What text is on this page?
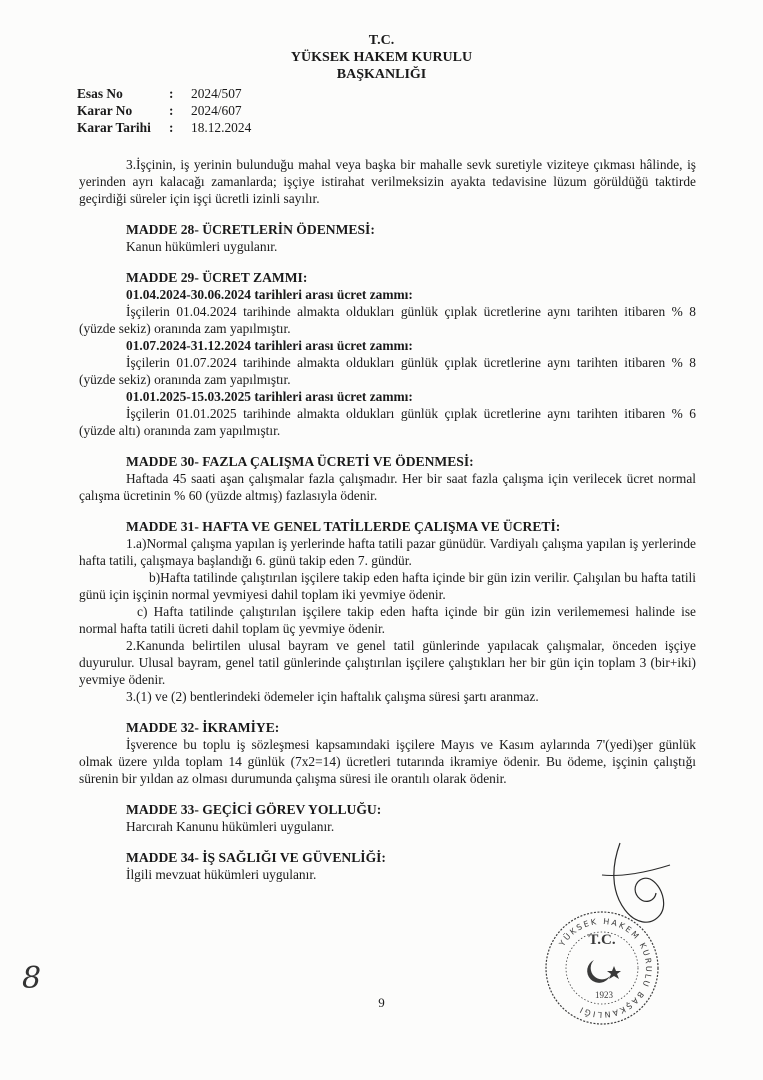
T.C.
YÜKSEK HAKEM KURULU
BAŞKANLIĞI
Esas No	:	2024/507
Karar No	:	2024/607
Karar Tarihi	:	18.12.2024

3.İşçinin, iş yerinin bulunduğu mahal veya başka bir mahalle sevk suretiyle viziteye çıkması hâlinde, iş yerinden ayrı kalacağı zamanlarda; işçiye istirahat verilmeksizin ayakta tedavisine lüzum görüldüğü taktirde geçirdiği süreler için işçi ücretli izinli sayılır.

MADDE 28- ÜCRETLERİN ÖDENMESİ:

Kanun hükümleri uygulanır.

MADDE 29- ÜCRET ZAMMI:
01.04.2024-30.06.2024 tarihleri arası ücret zammı:

İşçilerin 01.04.2024 tarihinde almakta oldukları günlük çıplak ücretlerine aynı tarihten itibaren % 8 (yüzde sekiz) oranında zam yapılmıştır.

01.07.2024-31.12.2024 tarihleri arası ücret zammı:

İşçilerin 01.07.2024 tarihinde almakta oldukları günlük çıplak ücretlerine aynı tarihten itibaren % 8 (yüzde sekiz) oranında zam yapılmıştır.

01.01.2025-15.03.2025 tarihleri arası ücret zammı:

İşçilerin 01.01.2025 tarihinde almakta oldukları günlük çıplak ücretlerine aynı tarihten itibaren % 6 (yüzde altı) oranında zam yapılmıştır.

MADDE 30- FAZLA ÇALIŞMA ÜCRETİ VE ÖDENMESİ:

Haftada 45 saati aşan çalışmalar fazla çalışmadır. Her bir saat fazla çalışma için verilecek ücret normal çalışma ücretinin % 60 (yüzde altmış) fazlasıyla ödenir.

MADDE 31- HAFTA VE GENEL TATİLLERDE ÇALIŞMA VE ÜCRETİ:

1.a)Normal çalışma yapılan iş yerlerinde hafta tatili pazar günüdür. Vardiyalı çalışma yapılan iş yerlerinde hafta tatili, çalışmaya başlandığı 6. günü takip eden 7. gündür.

b)Hafta tatilinde çalıştırılan işçilere takip eden hafta içinde bir gün izin verilir. Çalışılan bu hafta tatili günü için işçinin normal yevmiyesi dahil toplam iki yevmiye ödenir.

c) Hafta tatilinde çalıştırılan işçilere takip eden hafta içinde bir gün izin verilememesi halinde ise normal hafta tatili ücreti dahil toplam üç yevmiye ödenir.

2.Kanunda belirtilen ulusal bayram ve genel tatil günlerinde yapılacak çalışmalar, önceden işçiye duyurulur. Ulusal bayram, genel tatil günlerinde çalıştırılan işçilere çalıştıkları her bir gün için toplam 3 (bir+iki) yevmiye ödenir.

3.(1) ve (2) bentlerindeki ödemeler için haftalık çalışma süresi şartı aranmaz.

MADDE 32- İKRAMİYE:

İşverence bu toplu iş sözleşmesi kapsamındaki işçilere Mayıs ve Kasım aylarında 7'(yedi)şer günlük olmak üzere yılda toplam 14 günlük (7x2=14) ücretleri tutarında ikramiye ödenir. Bu ödeme, işçinin çalıştığı sürenin bir yıldan az olması durumunda çalışma süresi ile orantılı olarak ödenir.

MADDE 33- GEÇİCİ GÖREV YOLLUĞU:

Harcırah Kanunu hükümleri uygulanır.

MADDE 34- İŞ SAĞLIĞI VE GÜVENLİĞİ:

İlgili mevzuat hükümleri uygulanır.

YÜKSEK HAKEM KURULU BAŞKANLIĞI
T.C.
1923
8
9
